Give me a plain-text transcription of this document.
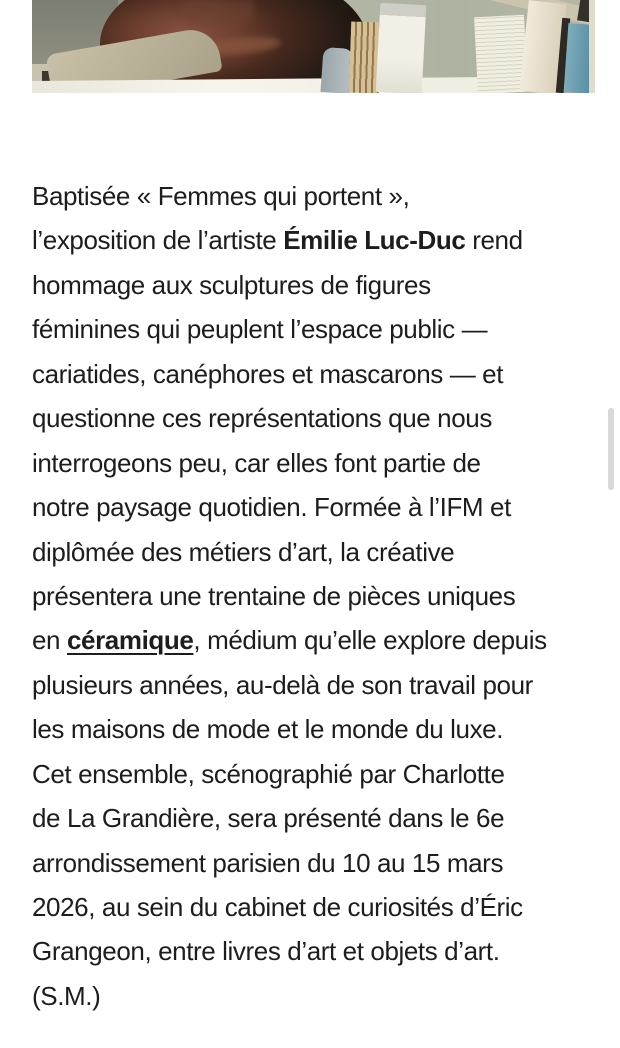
Baptisée « Femmes qui portent »,

l’exposition de l’artiste Émilie Luc-Duc rend

hommage aux sculptures de figures

féminines qui peuplent l’espace public —

cariatides, canéphores et mascarons — et

questionne ces représentations que nous

interrogeons peu, car elles font partie de

notre paysage quotidien. Formée à l’IFM et

diplômée des métiers d’art, la créative

présentera une trentaine de pièces uniques

en céramique, médium qu’elle explore depuis

plusieurs années, au-delà de son travail pour

les maisons de mode et le monde du luxe.

Cet ensemble, scénographié par Charlotte

de La Grandière, sera présenté dans le 6e

arrondissement parisien du 10 au 15 mars

2026, au sein du cabinet de curiosités d’Éric

Grangeon, entre livres d’art et objets d’art.

(S.M.)
